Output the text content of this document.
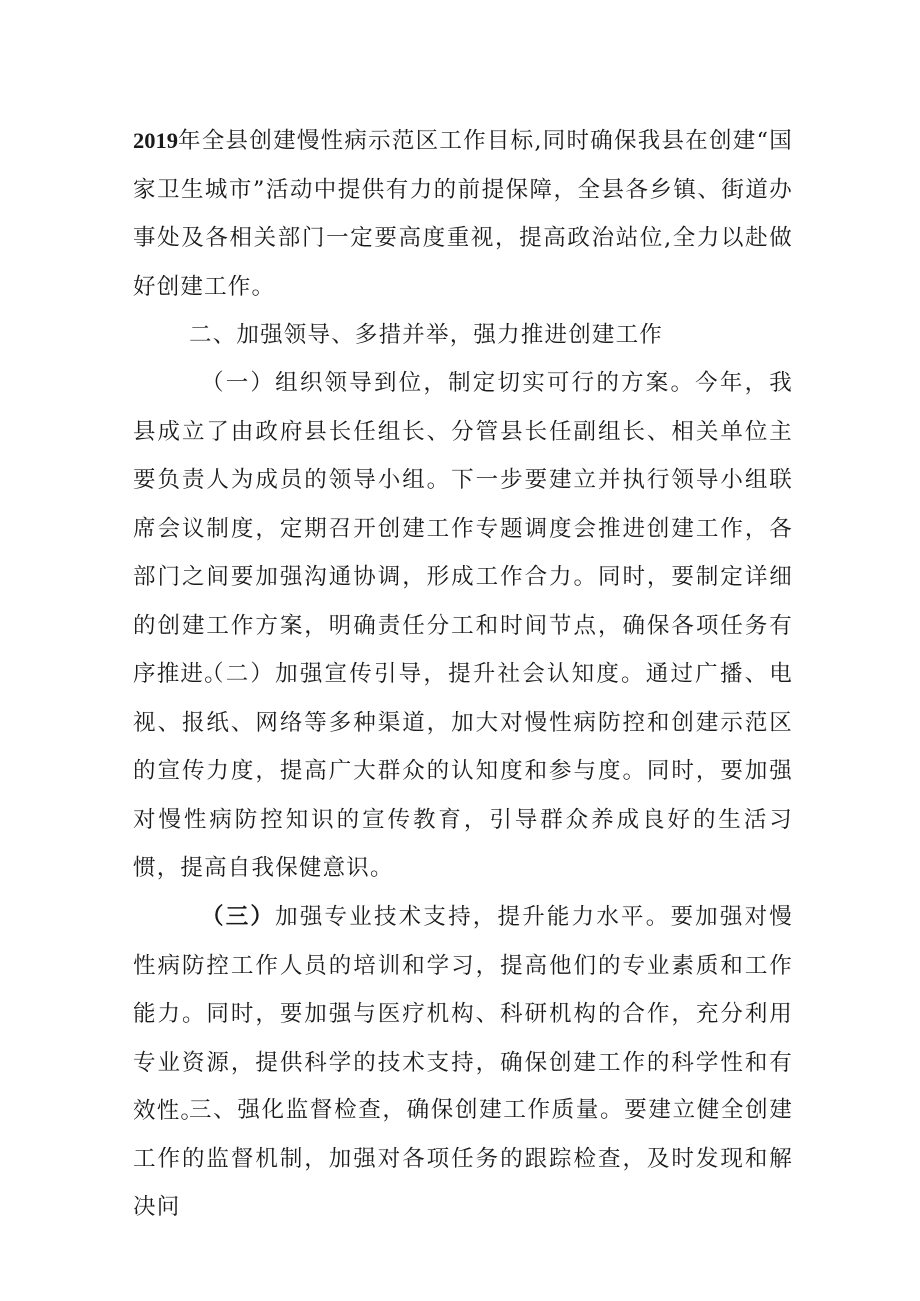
2019年全县创建慢性病示范区工作目标,同时确保我县在创建“国家卫生城市”活动中提供有力的前提保障，全县各乡镇、街道办事处及各相关部门一定要高度重视，提高政治站位,全力以赴做好创建工作。

二、加强领导、多措并举，强力推进创建工作

（一）组织领导到位，制定切实可行的方案。今年，我县成立了由政府县长任组长、分管县长任副组长、相关单位主要负责人为成员的领导小组。下一步要建立并执行领导小组联席会议制度，定期召开创建工作专题调度会推进创建工作，各部门之间要加强沟通协调，形成工作合力。同时，要制定详细的创建工作方案，明确责任分工和时间节点，确保各项任务有序推进。

（二）加强宣传引导，提升社会认知度。通过广播、电视、报纸、网络等多种渠道，加大对慢性病防控和创建示范区的宣传力度，提高广大群众的认知度和参与度。同时，要加强对慢性病防控知识的宣传教育，引导群众养成良好的生活习惯，提高自我保健意识。

（三）加强专业技术支持，提升能力水平。要加强对慢性病防控工作人员的培训和学习，提高他们的专业素质和工作能力。同时，要加强与医疗机构、科研机构的合作，充分利用专业资源，提供科学的技术支持，确保创建工作的科学性和有效性。

三、强化监督检查，确保创建工作质量。要建立健全创建工作的监督机制，加强对各项任务的跟踪检查，及时发现和解决问
